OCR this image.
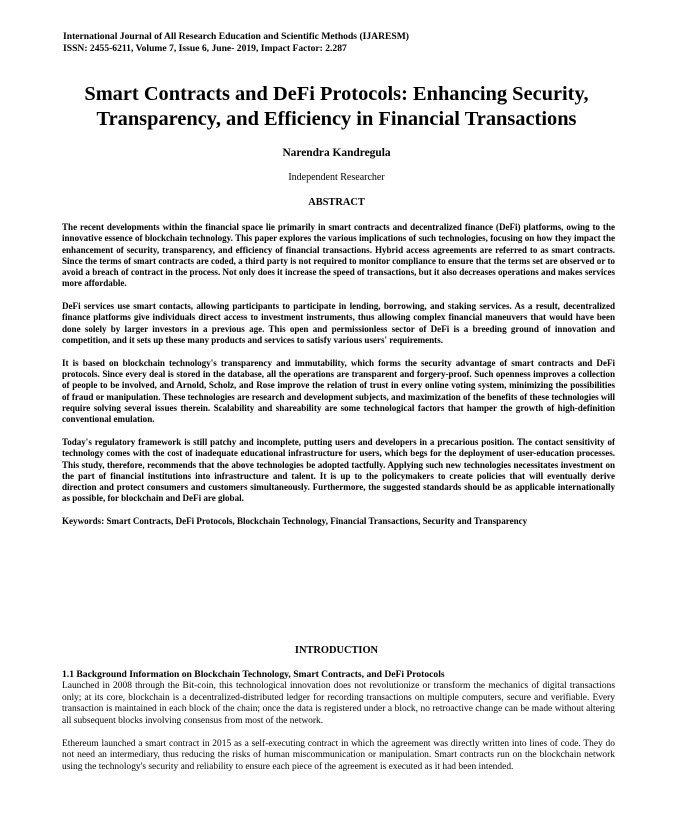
International Journal of All Research Education and Scientific Methods (IJARESM)
ISSN: 2455-6211, Volume 7, Issue 6, June- 2019, Impact Factor: 2.287
Smart Contracts and DeFi Protocols: Enhancing Security,
Transparency, and Efficiency in Financial Transactions
Narendra Kandregula
Independent Researcher
ABSTRACT

The recent developments within the financial space lie primarily in smart contracts and decentralized finance (DeFi) platforms, owing to the innovative essence of blockchain technology. This paper explores the various implications of such technologies, focusing on how they impact the enhancement of security, transparency, and efficiency of financial transactions. Hybrid access agreements are referred to as smart contracts. Since the terms of smart contracts are coded, a third party is not required to monitor compliance to ensure that the terms set are observed or to avoid a breach of contract in the process. Not only does it increase the speed of transactions, but it also decreases operations and makes services more affordable.

DeFi services use smart contacts, allowing participants to participate in lending, borrowing, and staking services. As a result, decentralized finance platforms give individuals direct access to investment instruments, thus allowing complex financial maneuvers that would have been done solely by larger investors in a previous age. This open and permissionless sector of DeFi is a breeding ground of innovation and competition, and it sets up these many products and services to satisfy various users' requirements.

It is based on blockchain technology's transparency and immutability, which forms the security advantage of smart contracts and DeFi protocols. Since every deal is stored in the database, all the operations are transparent and forgery-proof. Such openness improves a collection of people to be involved, and Arnold, Scholz, and Rose improve the relation of trust in every online voting system, minimizing the possibilities of fraud or manipulation. These technologies are research and development subjects, and maximization of the benefits of these technologies will require solving several issues therein. Scalability and shareability are some technological factors that hamper the growth of high-definition conventional emulation.

Today's regulatory framework is still patchy and incomplete, putting users and developers in a precarious position. The contact sensitivity of technology comes with the cost of inadequate educational infrastructure for users, which begs for the deployment of user-education processes. This study, therefore, recommends that the above technologies be adopted tactfully. Applying such new technologies necessitates investment on the part of financial institutions into infrastructure and talent. It is up to the policymakers to create policies that will eventually derive direction and protect consumers and customers simultaneously. Furthermore, the suggested standards should be as applicable internationally as possible, for blockchain and DeFi are global.

Keywords: Smart Contracts, DeFi Protocols, Blockchain Technology, Financial Transactions, Security and Transparency
INTRODUCTION
1.1 Background Information on Blockchain Technology, Smart Contracts, and DeFi Protocols

Launched in 2008 through the Bit-coin, this technological innovation does not revolutionize or transform the mechanics of digital transactions only; at its core, blockchain is a decentralized-distributed ledger for recording transactions on multiple computers, secure and verifiable. Every transaction is maintained in each block of the chain; once the data is registered under a block, no retroactive change can be made without altering all subsequent blocks involving consensus from most of the network.

Ethereum launched a smart contract in 2015 as a self-executing contract in which the agreement was directly written into lines of code. They do not need an intermediary, thus reducing the risks of human miscommunication or manipulation. Smart contracts run on the blockchain network using the technology's security and reliability to ensure each piece of the agreement is executed as it had been intended.
